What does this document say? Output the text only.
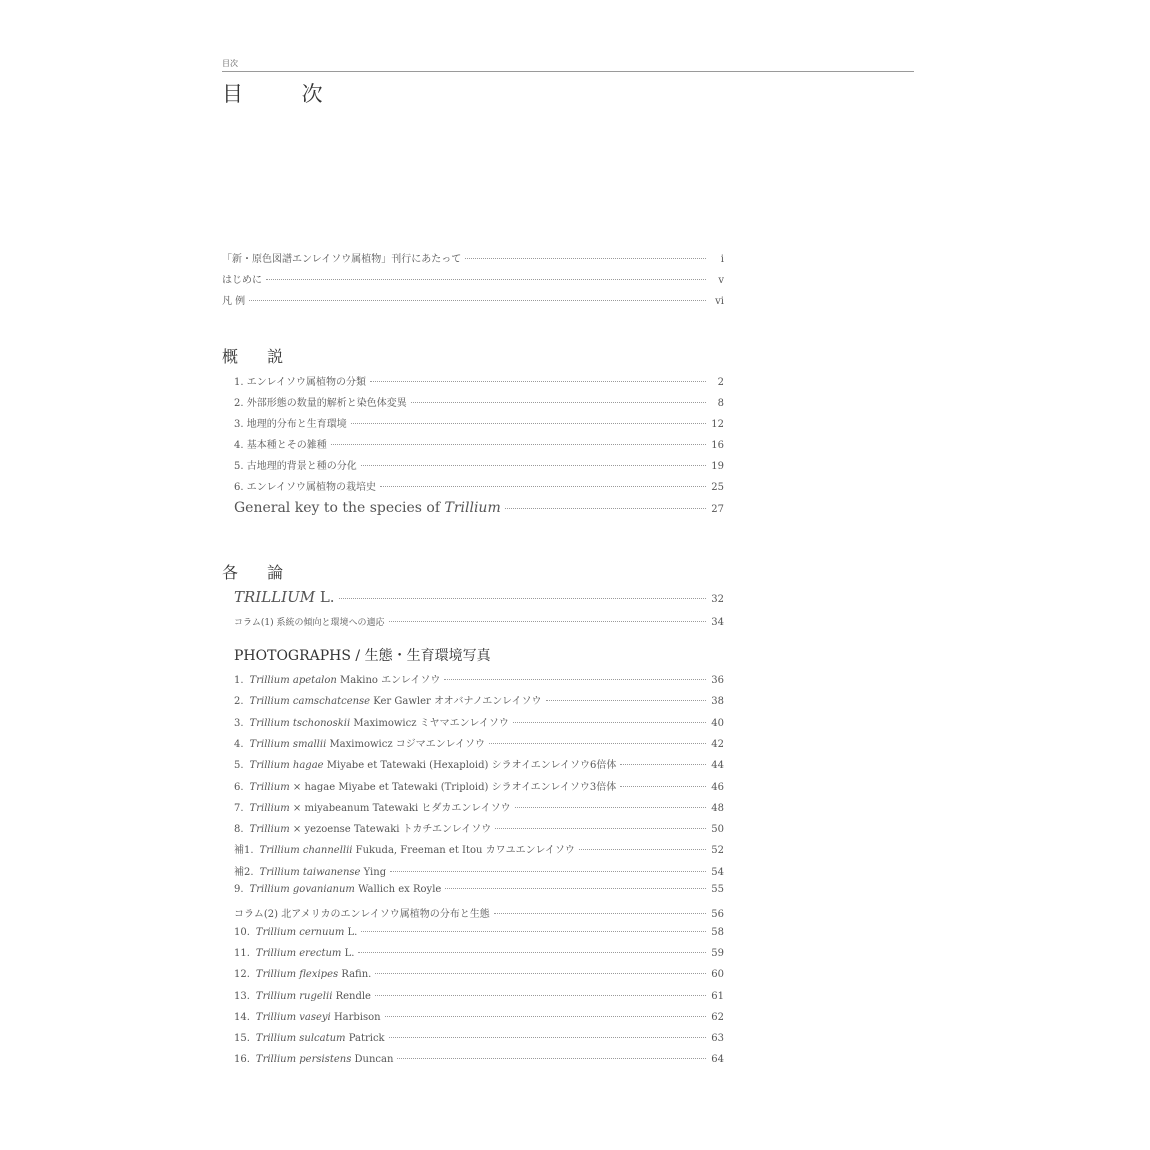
目次
目 次
「新・原色図譜エンレイソウ属植物」刊行にあたって	i
はじめに	v
凡 例	vi
概 説
1. エンレイソウ属植物の分類	2
2. 外部形態の数量的解析と染色体変異	8
3. 地理的分布と生育環境	12
4. 基本種とその雑種	16
5. 古地理的背景と種の分化	19
6. エンレイソウ属植物の栽培史	25
General key to the species of Trillium	27
各 論
TRILLIUM L.	32
コラム(1) 系統の傾向と環境への適応	34
PHOTOGRAPHS / 生態・生育環境写真
1. Trillium apetalon Makino エンレイソウ	36
2. Trillium camschatcense Ker Gawler オオバナノエンレイソウ	38
3. Trillium tschonoskii Maximowicz ミヤマエンレイソウ	40
4. Trillium smallii Maximowicz コジマエンレイソウ	42
5. Trillium hagae Miyabe et Tatewaki (Hexaploid) シラオイエンレイソウ6倍体	44
6. Trillium × hagae Miyabe et Tatewaki (Triploid) シラオイエンレイソウ3倍体	46
7. Trillium × miyabeanum Tatewaki ヒダカエンレイソウ	48
8. Trillium × yezoense Tatewaki トカチエンレイソウ	50
補1. Trillium channellii Fukuda, Freeman et Itou カワユエンレイソウ	52
補2. Trillium taiwanense Ying	54
9. Trillium govanianum Wallich ex Royle	55
コラム(2) 北アメリカのエンレイソウ属植物の分布と生態	56
10. Trillium cernuum L.	58
11. Trillium erectum L.	59
12. Trillium flexipes Rafin.	60
13. Trillium rugelii Rendle	61
14. Trillium vaseyi Harbison	62
15. Trillium sulcatum Patrick	63
16. Trillium persistens Duncan	64
